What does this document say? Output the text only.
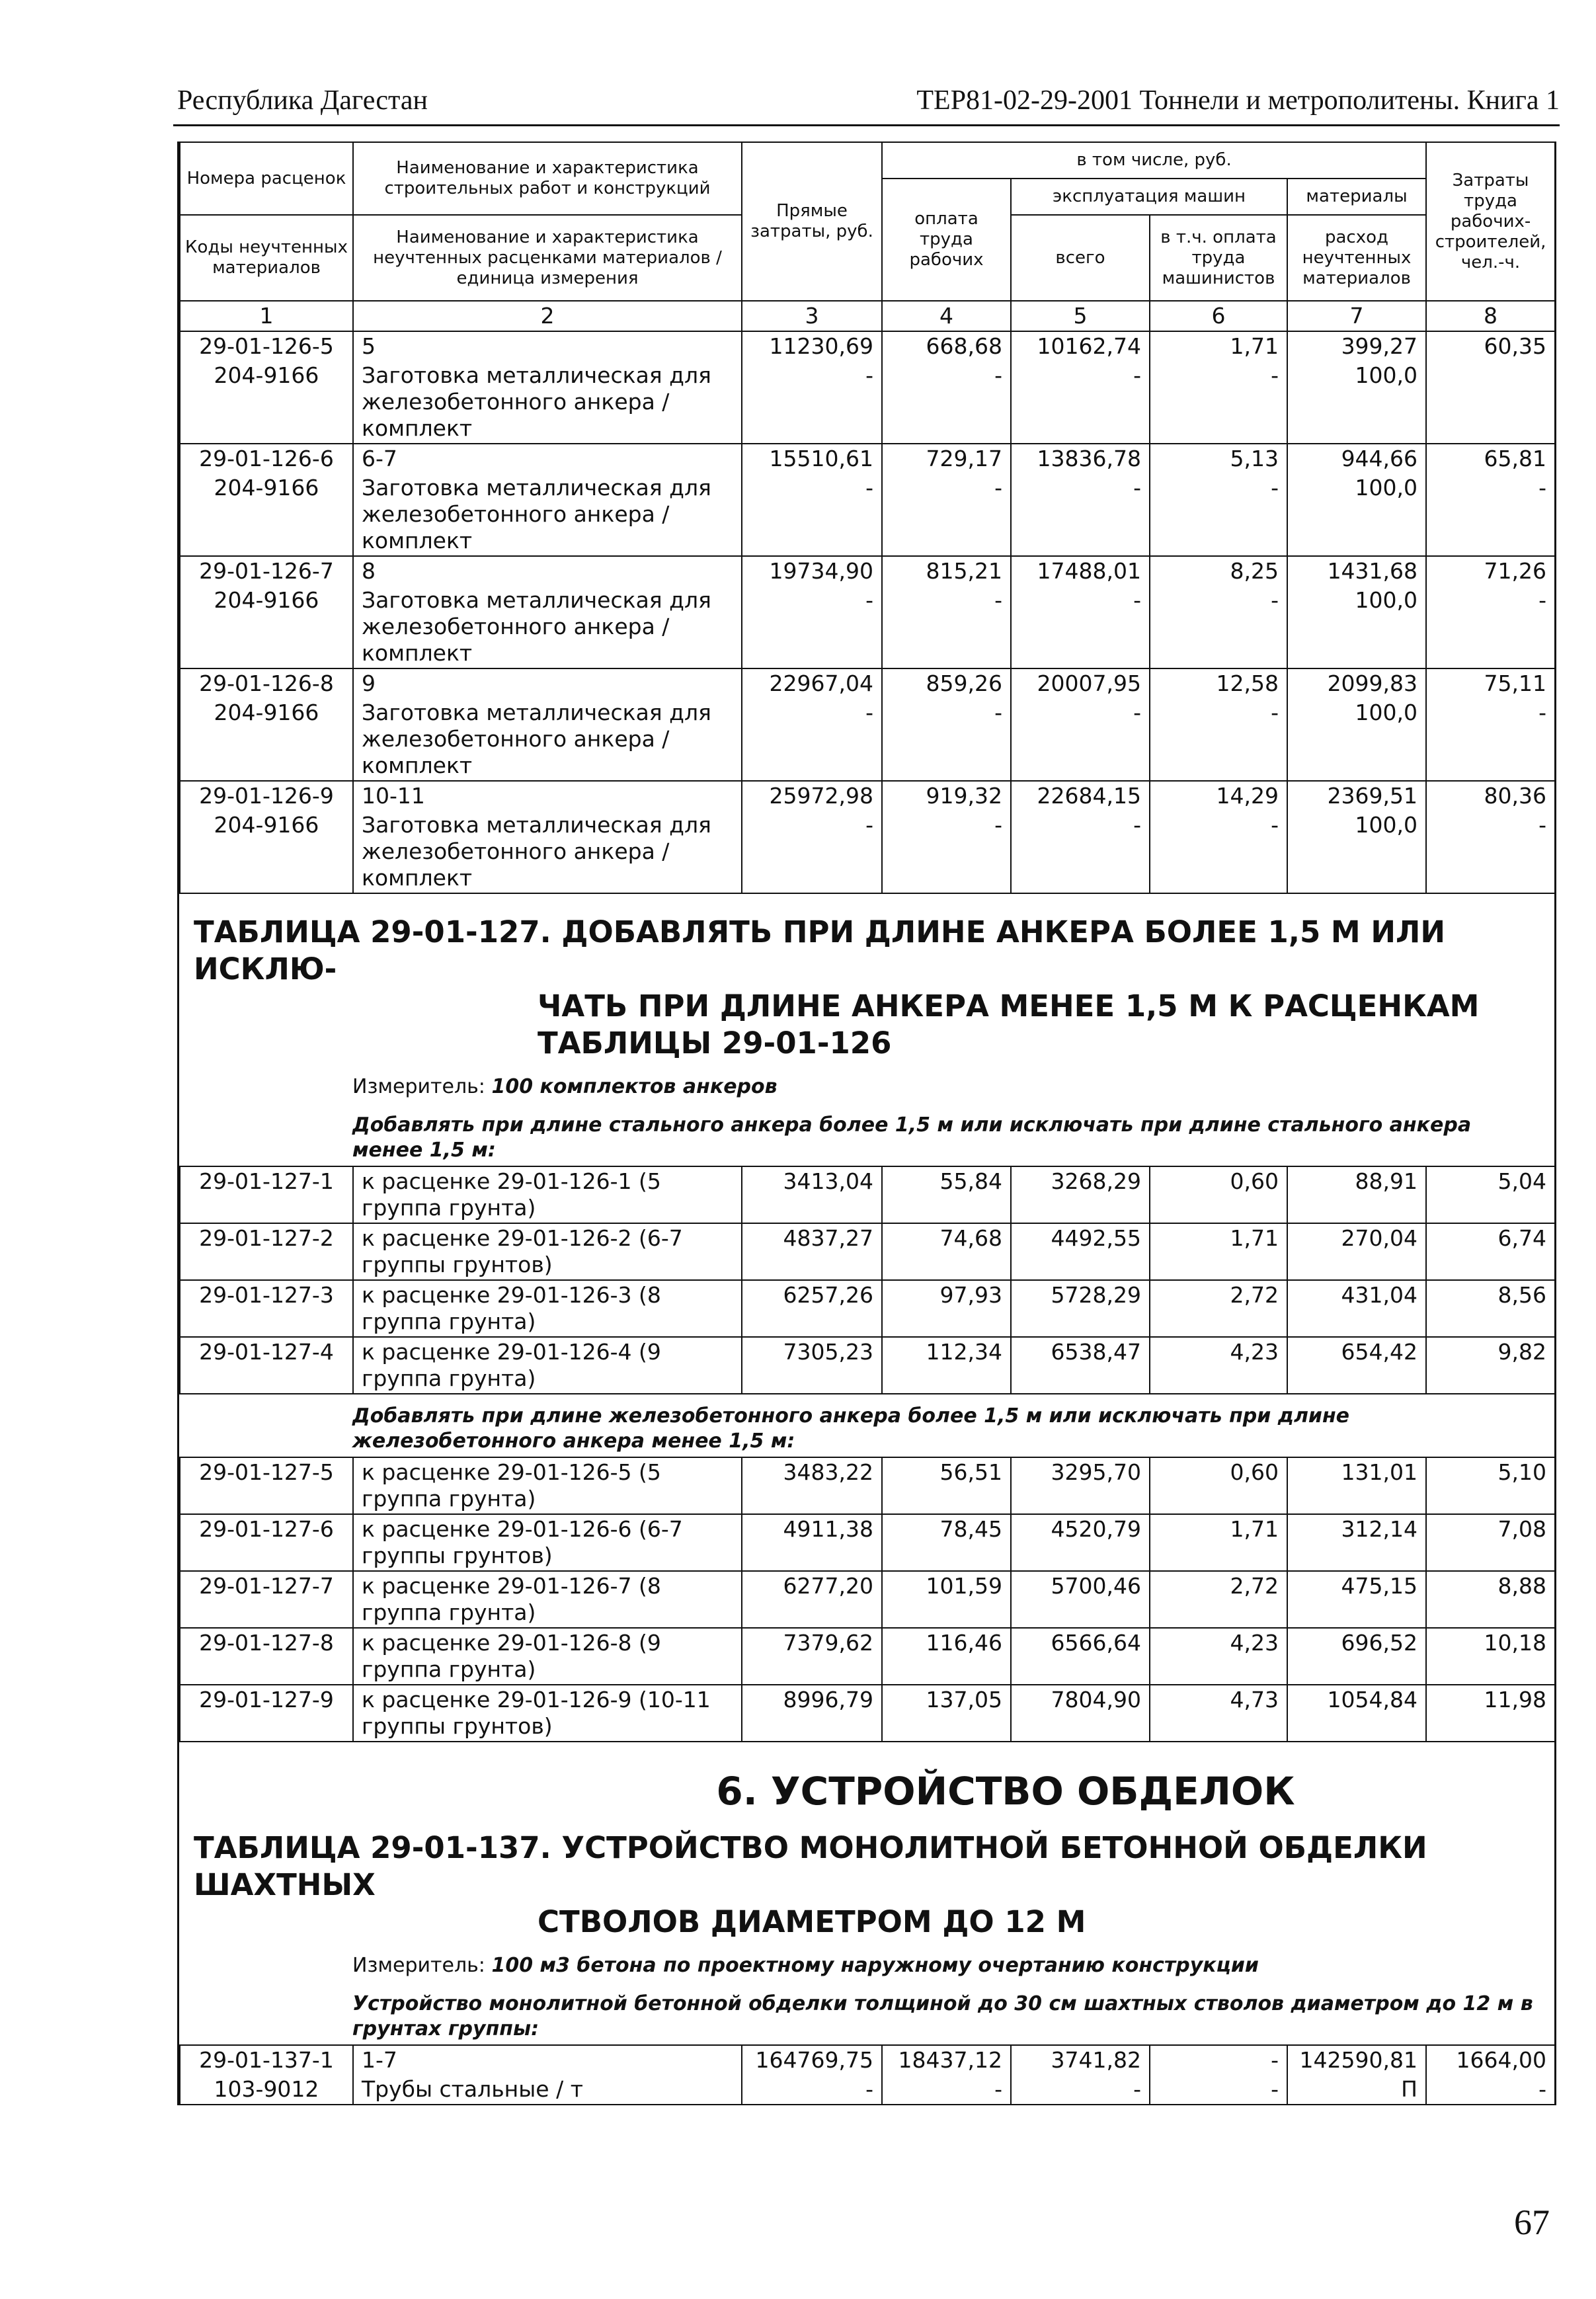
Республика Дагестан	ТЕР81-02-29-2001 Тоннели и метрополитены. Книга 1
Номера расценок	Наименование и характеристика строительных работ и конструкций	Прямые затраты, руб.	в том числе, руб.				Затраты труда рабочих-строителей, чел.-ч.
			оплата труда рабочих	эксплуатация машин		материалы	
Коды неучтенных материалов	Наименование и характеристика неучтенных расценками материалов / единица измерения			всего	в т.ч. оплата труда машинистов	расход неучтенных материалов	

1	2	3	4	5	6	7	8
29-01-126-5	5	11230,69	668,68	10162,74	1,71	399,27	60,35
204-9166	Заготовка металлическая для железобетонного анкера / комплект	-	-	-	-	100,0	
29-01-126-6	6-7	15510,61	729,17	13836,78	5,13	944,66	65,81
204-9166	Заготовка металлическая для железобетонного анкера / комплект	-	-	-	-	100,0	-
29-01-126-7	8	19734,90	815,21	17488,01	8,25	1431,68	71,26
204-9166	Заготовка металлическая для железобетонного анкера / комплект	-	-	-	-	100,0	-
29-01-126-8	9	22967,04	859,26	20007,95	12,58	2099,83	75,11
204-9166	Заготовка металлическая для железобетонного анкера / комплект	-	-	-	-	100,0	-
29-01-126-9	10-11	25972,98	919,32	22684,15	14,29	2369,51	80,36
204-9166	Заготовка металлическая для железобетонного анкера / комплект	-	-	-	-	100,0	-
ТАБЛИЦА 29-01-127. ДОБАВЛЯТЬ ПРИ ДЛИНЕ АНКЕРА БОЛЕЕ 1,5 М ИЛИ ИСКЛЮ-
ЧАТЬ ПРИ ДЛИНЕ АНКЕРА МЕНЕЕ 1,5 М К РАСЦЕНКАМ
ТАБЛИЦЫ 29-01-126
Измеритель: 100 комплектов анкеров
Добавлять при длине стального анкера более 1,5 м или исключать при длине стального анкера менее 1,5 м:
29-01-127-1	к расценке 29-01-126-1 (5 группа грунта)	3413,04	55,84	3268,29	0,60	88,91	5,04
29-01-127-2	к расценке 29-01-126-2 (6-7 группы грунтов)	4837,27	74,68	4492,55	1,71	270,04	6,74
29-01-127-3	к расценке 29-01-126-3 (8 группа грунта)	6257,26	97,93	5728,29	2,72	431,04	8,56
29-01-127-4	к расценке 29-01-126-4 (9 группа грунта)	7305,23	112,34	6538,47	4,23	654,42	9,82
Добавлять при длине железобетонного анкера более 1,5 м или исключать при длине железобетонного анкера менее 1,5 м:
29-01-127-5	к расценке 29-01-126-5 (5 группа грунта)	3483,22	56,51	3295,70	0,60	131,01	5,10
29-01-127-6	к расценке 29-01-126-6 (6-7 группы грунтов)	4911,38	78,45	4520,79	1,71	312,14	7,08
29-01-127-7	к расценке 29-01-126-7 (8 группа грунта)	6277,20	101,59	5700,46	2,72	475,15	8,88
29-01-127-8	к расценке 29-01-126-8 (9 группа грунта)	7379,62	116,46	6566,64	4,23	696,52	10,18
29-01-127-9	к расценке 29-01-126-9 (10-11 группы грунтов)	8996,79	137,05	7804,90	4,73	1054,84	11,98
6. УСТРОЙСТВО ОБДЕЛОК
ТАБЛИЦА 29-01-137. УСТРОЙСТВО МОНОЛИТНОЙ БЕТОННОЙ ОБДЕЛКИ ШАХТНЫХ
СТВОЛОВ ДИАМЕТРОМ ДО 12 М
Измеритель: 100 м3 бетона по проектному наружному очертанию конструкции
Устройство монолитной бетонной обделки толщиной до 30 см шахтных стволов диаметром до 12 м в грунтах группы:
29-01-137-1	1-7	164769,75	18437,12	3741,82	-	142590,81	1664,00
103-9012	Трубы стальные / т	-	-	-	-	П	-
67
